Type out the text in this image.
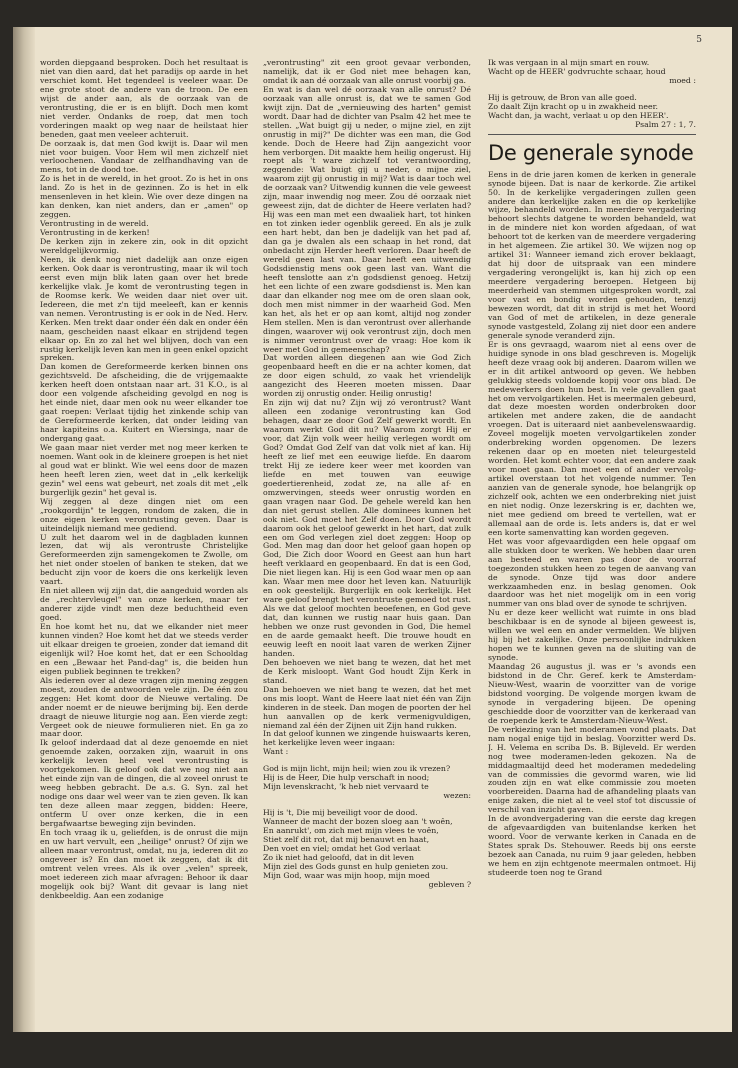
5

worden diepgaand besproken. Doch het resultaat is niet van dien aard, dat het paradijs op aarde in het verschiet komt. Het tegendeel is veeleer waar. De ene grote stoot de andere van de troon. De een wijst de ander aan, als de oorzaak van de verontrusting, die er is en blijft. Doch men komt niet verder. Ondanks de roep, dat men toch vorderingen maakt op weg naar de heilstaat hier beneden, gaat men veeleer achteruit.

De oorzaak is, dat men God kwijt is. Daar wil men niet voor buigen. Voor Hem wil men zichzelf niet verloochenen. Vandaar de zelfhandhaving van de mens, tot in de dood toe.

Zo is het in de wereld, in het groot. Zo is het in ons land. Zo is het in de gezinnen. Zo is het in elk mensenleven in het klein. Wie over deze dingen na kan denken, kan niet anders, dan er „amen" op zeggen.

Verontrusting in de wereld.

Verontrusting in de kerken!

De kerken zijn in zekere zin, ook in dit opzicht wereldgelijkvormig.

Neen, ik denk nog niet dadelijk aan onze eigen kerken. Ook daar is verontrusting, maar ik wil toch eerst even mijn blik laten gaan over het brede kerkelijke vlak. Je komt de verontrusting tegen in de Roomse kerk. We weiden daar niet over uit. Iedereen, die met z'n tijd meeleeft, kan er kennis van nemen. Verontrusting is er ook in de Ned. Herv. Kerken. Men trekt daar onder één dak en onder één naam, gescheiden naast elkaar en strijdend tegen elkaar op. En zo zal het wel blijven, doch van een rustig kerkelijk leven kan men in geen enkel opzicht spreken.

Dan komen de Gereformeerde kerken binnen ons gezichtsveld. De afscheiding, die de vrijgemaakte kerken heeft doen ontstaan naar art. 31 K.O., is al door een volgende afscheiding gevolgd en nog is het einde niet, daar men ook nu weer elkander toe gaat roepen: Verlaat tijdig het zinkende schip van de Gereformeerde kerken, dat onder leiding van haar kapiteins o.a. Kuitert en Wiersinga, naar de ondergang gaat.

We gaan maar niet verder met nog meer kerken te noemen. Want ook in de kleinere groepen is het niet al goud wat er blinkt. Wie wel eens door de mazen heen heeft leren zien, weet dat in „elk kerkelijk gezin" wel eens wat gebeurt, net zoals dit met „elk burgerlijk gezin" het geval is.

Wij zeggen al deze dingen niet om een „rookgordijn" te leggen, rondom de zaken, die in onze eigen kerken verontrusting geven. Daar is uiteindelijk niemand mee gediend.

U zult het daarom wel in de dagbladen kunnen lezen, dat wij als verontruste Christelijke Gereformeerden zijn samengekomen te Zwolle, om het niet onder stoelen of banken te steken, dat we beducht zijn voor de koers die ons kerkelijk leven vaart.

En niet alleen wij zijn dat, die aangeduid worden als de „rechtervleugel" van onze kerken, maar ter anderer zijde vindt men deze beduchtheid even goed.

En hoe komt het nu, dat we elkander niet meer kunnen vinden? Hoe komt het dat we steeds verder uit elkaar dreigen te groeien, zonder dat iemand dit eigenlijk wil? Hoe komt het, dat er een Schooldag en een „Bewaar het Pand-dag" is, die beiden hun eigen publiek beginnen te trekken?

Als iederen over al deze vragen zijn mening zeggen moest, zouden de antwoorden vele zijn. De één zou zeggen: Het komt door de Nieuwe vertaling. De ander noemt er de nieuwe berijming bij. Een derde draagt de nieuwe liturgie nog aan. Een vierde zegt: Vergeet ook de nieuwe formulieren niet. En ga zo maar door.

Ik geloof inderdaad dat al deze genoemde en niet genoemde zaken, oorzaken zijn, waaruit in ons kerkelijk leven heel veel verontrusting is voortgekomen. Ik geloof ook dat we nog niet aan het einde zijn van de dingen, die al zoveel onrust te weeg hebben gebracht. De a.s. G. Syn. zal het nodige ons daar wel weer van te zien geven. Ik kan ten deze alleen maar zeggen, bidden: Heere, ontferm U over onze kerken, die in een bergafwaartse beweging zijn bevinden.

En toch vraag ik u, geliefden, is de onrust die mijn en uw hart vervult, een „heilige" onrust? Of zijn we alleen maar verontrust, omdat, nu ja, iederen dit zo ongeveer is? En dan moet ik zeggen, dat ik dit omtrent velen vrees. Als ik over „velen" spreek, moet iedereen zich maar afvragen: Behoor ik daar mogelijk ook bij? Want dit gevaar is lang niet denkbeeldig. Aan een zodanige

„verontrusting" zit een groot gevaar verbonden, namelijk, dat ik er God niet mee behagen kan, omdat ik aan dé oorzaak van alle onrust voorbij ga.

En wat is dan wel dé oorzaak van alle onrust? Dé oorzaak van alle onrust is, dat we te samen God kwijt zijn. Dat de „vernieuwing des harten" gemist wordt. Daar had de dichter van Psalm 42 het mee te stellen. „Wat buigt gij u neder, o mijne ziel, en zijt onrustig in mij?" De dichter was een man, die God kende. Doch de Heere had Zijn aangezicht voor hem verborgen. Dit maakte hem heilig ongerust. Hij roept als 't ware zichzelf tot verantwoording, zeggende: Wat buigt gij u neder, o mijne ziel, waarom zijt gij onrustig in mij? Wat is daar toch wel de oorzaak van? Uitwendig kunnen die vele geweest zijn, maar inwendig nog meer. Zou dé oorzaak niet geweest zijn, dat de dichter de Heere verlaten had? Hij was een man met een dwaaliek hart, tot hinken en tot zinken ieder ogenblik gereed. En als je zulk een hart hebt, dan ben je dadelijk van het pad af, dan ga je dwalen als een schaap in het rond, dat onbedacht zijn Herder heeft verloren. Daar heeft de wereld geen last van. Daar heeft een uitwendig Godsdienstig mens ook geen last van. Want die heeft tenslotte aan z'n godsdienst genoeg. Hetzij het een lichte of een zware godsdienst is. Men kan daar dan elkander nog mee om de oren slaan ook, doch men mist nimmer in der waarheid God. Men kan het, als het er op aan komt, altijd nog zonder Hem stellen. Men is dan verontrust over allerhande dingen, waarover wij ook verontrust zijn, doch men is nimmer verontrust over de vraag: Hoe kom ik weer met God in gemeenschap?

Dat worden alleen diegenen aan wie God Zich geopenbaard heeft en die er na achter komen, dat ze door eigen schuld, zo vaak het vriendelijk aangezicht des Heeren moeten missen. Daar worden zij onrustig onder. Heilig onrustig!

En zijn wij dat nu? Zijn wij zó verontrust? Want alleen een zodanige verontrusting kan God behagen, daar ze door God Zelf gewerkt wordt. En waarom werkt God dit nu? Waarom zorgt Hij er voor, dat Zijn volk weer heilig verlegen wordt om God? Omdat God Zelf van dat volk niet af kan. Hij heeft ze lief met een eeuwige liefde. En daarom trekt Hij ze iedere keer weer met koorden van liefde en met touwen van eeuwige goedertierenheid, zodat ze, na alle af- en omzwervingen, steeds weer onrustig worden en gaan vragen naar God. De gehele wereld kan hen dan niet gerust stellen. Alle dominees kunnen het ook niet. God moet het Zelf doen. Door God wordt daarom ook het geloof gewerkt in het hart, dat zulk een om God verlegen ziel doet zeggen: Hoop op God. Men mag dan door het geloof gaan hopen op God, Die Zich door Woord en Geest aan hun hart heeft verklaard en geopenbaard. En dat is een God, Die niet liegen kan. Hij is een God waar men op aan kan. Waar men mee door het leven kan. Natuurlijk en ook geestelijk. Burgerlijk en ook kerkelijk. Het ware geloof brengt het verontruste gemoed tot rust. Als we dat geloof mochten beoefenen, en God geve dat, dan kunnen we rustig naar huis gaan. Dan hebben we onze rust gevonden in God, Die hemel en de aarde gemaakt heeft. Die trouwe houdt en eeuwig leeft en nooit laat varen de werken Zijner handen.

Den behoeven we niet bang te wezen, dat het met de Kerk misloopt. Want God houdt Zijn Kerk in stand.

Dan behoeven we niet bang te wezen, dat het met ons mis loopt. Want de Heere laat niet één van Zijn kinderen in de steek. Dan mogen de poorten der hel hun aanvallen op de kerk vermenigvuldigen, niemand zal één der Zijnen uit Zijn hand rukken.

In dat geloof kunnen we zingende huiswaarts keren, het kerkelijke leven weer ingaan:

Want :

God is mijn licht, mijn heil; wien zou ik vrezen?

Hij is de Heer, Die hulp verschaft in nood;

Mijn levenskracht, 'k heb niet vervaard te

wezen:

Hij is 't, Die mij beveiligt voor de dood.

Wanneer de macht der bozen sloeg aan 't woên,

En aanrukt', om zich met mijn vlees te voên,

Stiet zelf dit rot, dat mij benauwt en haat,

Den voet en viel; omdat het God verlaat

Zo ik niet had geloofd, dat in dit leven

Mijn ziel des Gods gunst en hulp genieten zou.

Mijn God, waar was mijn hoop, mijn moed

gebleven ?

Ik was vergaan in al mijn smart en rouw.

Wacht op de HEER' godvruchte schaar, houd

moed :

Hij is getrouw, de Bron van alle goed.

Zo daalt Zijn kracht op u in zwakheid neer.

Wacht dan, ja wacht, verlaat u op den HEER'.

Psalm 27 : 1, 7.

De generale synode

Eens in de drie jaren komen de kerken in generale synode bijeen. Dat is naar de kerkorde. Zie artikel 50. In de kerkelijke vergaderingen zullen geen andere dan kerkelijke zaken en die op kerkelijke wijze, behandeld worden. In meerdere vergadering behoort slechts datgene te worden behandeld, wat in de mindere niet kon worden afgedaan, of wat behoort tot de kerken van de meerdere vergadering in het algemeen. Zie artikel 30. We wijzen nog op artikel 31: Wanneer iemand zich erover beklaagt, dat hij door de uitspraak van een mindere vergadering verongelijkt is, kan hij zich op een meerdere vergadering beroepen. Hetgeen bij meerderheid van stemmen uitgesproken wordt, zal voor vast en bondig worden gehouden, tenzij bewezen wordt, dat dit in strijd is met het Woord van God of met de artikelen, in deze generale synode vastgesteld, Zolang zij niet door een andere generale synode veranderd zijn.

Er is ons gevraagd, waarom niet al eens over de huidige synode in ons blad geschreven is. Mogelijk heeft deze vraag ook bij anderen. Daarom willen we er in dit artikel antwoord op geven. We hebben gelukkig steeds voldoende kopij voor ons blad. De medewerkers doen hun best. In vele gevallen gaat het om vervolgartikelen. Het is meermalen gebeurd, dat deze moesten worden onderbroken door artikelen met andere zaken, die de aandacht vroegen. Dat is uiteraard niet aanbevelenswaardig. Zoveel mogelijk moeten vervolgartikelen zonder onderbreking worden opgenomen. De lezers rekenen daar op en moeten niet teleurgesteld worden. Het komt echter voor, dat een andere zaak voor moet gaan. Dan moet een of ander vervolg-artikel overstaan tot het volgende nummer. Ten aanzien van de generale synode, hoe belangrijk op zichzelf ook, achten we een onderbreking niet juist en niet nodig. Onze lezerskring is er, dachten we, niet mee gediend om breed te vertellen, wat er allemaal aan de orde is. Iets anders is, dat er wel een korte samenvatting kan worden gegeven.

Het was voor afgevaardigden een hele opgaaf om alle stukken door te werken. We hebben daar uren aan besteed en waren pas door de voorraf toegezonden stukken heen zo tegen de aanvang van de synode. Onze tijd was door andere werkzaamheden enz. in beslag genomen. Ook daardoor was het niet mogelijk om in een vorig nummer van ons blad over de synode te schrijven.

Nu er deze keer wellicht wat ruimte in ons blad beschikbaar is en de synode al bijeen geweest is, willen we wel een en ander vermelden. We blijven hij bij het zakelijke. Onze persoonlijke indrukken hopen we te kunnen geven na de sluiting van de synode.

Maandag 26 augustus jl. was er 's avonds een bidstond in de Chr. Geref. kerk te Amsterdam-Nieuw-West, waarin de voorzitter van de vorige bidstond voorging. De volgende morgen kwam de synode in vergadering bijeen. De opening geschiedde door de voorzitter van de kerkeraad van de roepende kerk te Amsterdam-Nieuw-West.

De verkiezing van het moderamen vond plaats. Dat nam nogal enige tijd in beslag. Voorzitter werd Ds. J. H. Velema en scriba Ds. B. Bijleveld. Er werden nog twee moderamen-leden gekozen. Na de middagmaaltijd deed het moderamen mededeling van de commissies die gevormd waren, wie lid zouden zijn en wat elke commissie zou moeten voorbereiden. Daarna had de afhandeling plaats van enige zaken, die niet al te veel stof tot discussie of verschil van inzicht gaven.

In de avondvergadering van die eerste dag kregen de afgevaardigden van buitenlandse kerken het woord. Voor de verwante kerken in Canada en de States sprak Ds. Stehouwer. Reeds bij ons eerste bezoek aan Canada, nu ruim 9 jaar geleden, hebben we hem en zijn echtgenote meermalen ontmoet. Hij studeerde toen nog te Grand
